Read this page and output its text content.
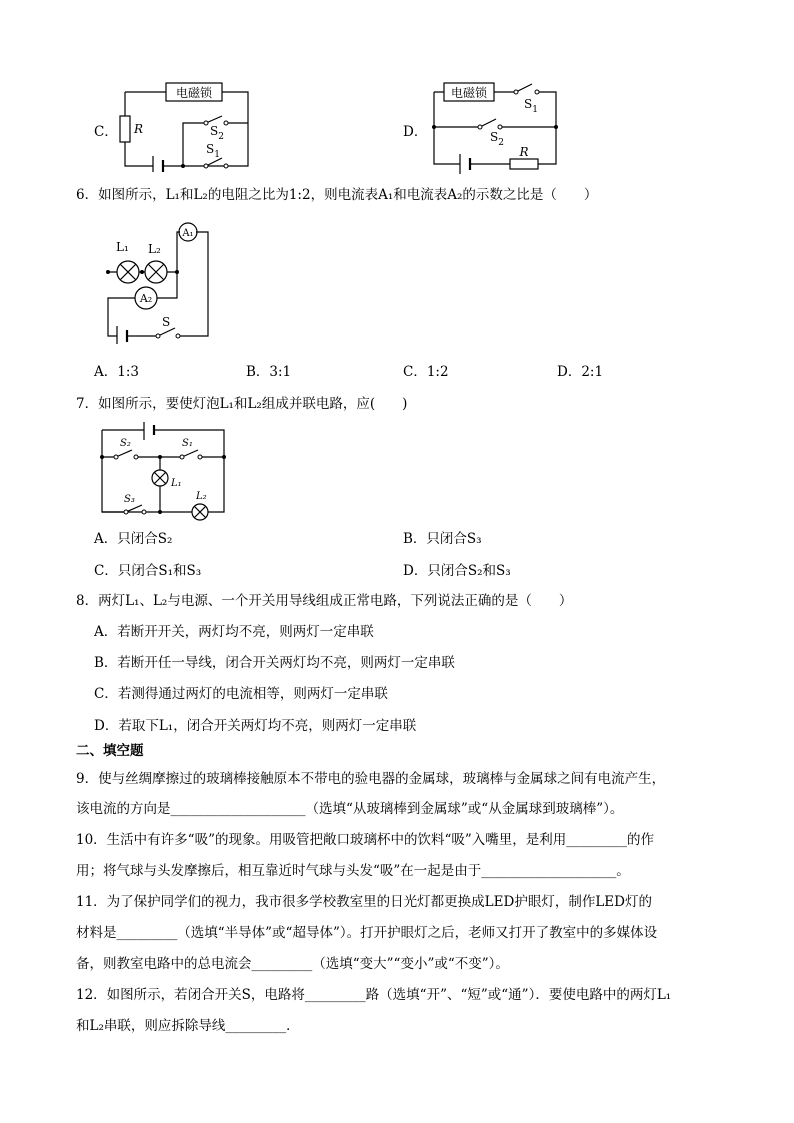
C．
电磁锁
R	$S_2$
$S_1$
D．
电磁锁
$S_1$
$S_2$
R
6．如图所示，L₁和L₂的电阻之比为1:2，则电流表A₁和电流表A₂的示数之比是（　　）
L₁ L₂
A₁
A₂
S
A．1:3	B．3:1	C．1:2	D．2:1
7．如图所示，要使灯泡L₁和L₂组成并联电路，应(　　)
S₂	S₁
S₃
L₁
L₂
A．只闭合S₂	B．只闭合S₃
C．只闭合S₁和S₃	D．只闭合S₂和S₃
8．两灯L₁、L₂与电源、一个开关用导线组成正常电路，下列说法正确的是（　　）
A．若断开开关，两灯均不亮，则两灯一定串联
B．若断开任一导线，闭合开关两灯均不亮，则两灯一定串联
C．若测得通过两灯的电流相等，则两灯一定串联
D．若取下L₁，闭合开关两灯均不亮，则两灯一定串联
二、填空题
9．使与丝绸摩擦过的玻璃棒接触原本不带电的验电器的金属球，玻璃棒与金属球之间有电流产生，
该电流的方向是____________________（选填“从玻璃棒到金属球”或“从金属球到玻璃棒”）。
10．生活中有许多“吸”的现象。用吸管把敞口玻璃杯中的饮料“吸”入嘴里，是利用_________的作
用；将气球与头发摩擦后，相互靠近时气球与头发“吸”在一起是由于____________________。
11．为了保护同学们的视力，我市很多学校教室里的日光灯都更换成LED护眼灯，制作LED灯的
材料是_________（选填“半导体”或“超导体”）。打开护眼灯之后，老师又打开了教室中的多媒体设
备，则教室电路中的总电流会_________（选填“变大”“变小”或“不变”）。
12．如图所示，若闭合开关S，电路将_________路（选填“开”、“短”或“通”）．要使电路中的两灯L₁
和L₂串联，则应拆除导线_________．
